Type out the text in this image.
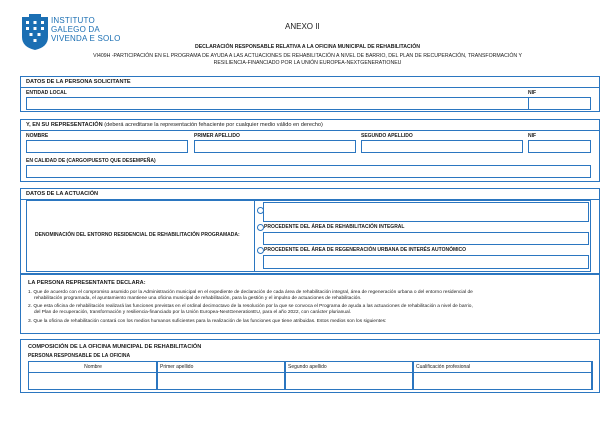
INSTITUTO
GALEGO DA
VIVENDA E SOLO
ANEXO II
DECLARACIÓN RESPONSABLE RELATIVA A LA OFICINA MUNICIPAL DE REHABILITACIÓN
VI409H -PARTICIPACIÓN EN EL PROGRAMA DE AYUDA A LAS ACTUACIONES DE REHABILITACIÓN A NIVEL DE BARRIO, DEL PLAN DE RECUPERACIÓN, TRANSFORMACIÓN Y
RESILIENCIA-FINANCIADO POR LA UNIÓN EUROPEA-NEXTGENERATIONEU
DATOS DE LA PERSONA SOLICITANTE
ENTIDAD LOCAL	NIF
Y, EN SU REPRESENTACIÓN (deberá acreditarse la representación fehaciente por cualquier medio válido en derecho)
NOMBRE	PRIMER APELLIDO	SEGUNDO APELLIDO	NIF
EN CALIDAD DE (CARGO/PUESTO QUE DESEMPEÑA)
DATOS DE LA ACTUACIÓN
DENOMINACIÓN DEL ENTORNO RESIDENCIAL DE REHABILITACIÓN PROGRAMADA:
PROCEDENTE DEL ÁREA DE REHABILITACIÓN INTEGRAL
PROCEDENTE DEL ÁREA DE REGENERACIÓN URBANA DE INTERÉS AUTONÓMICO
LA PERSONA REPRESENTANTE DECLARA:
1. Que de acuerdo con el compromiso asumido por la Administración municipal en el expediente de declaración de cada área de rehabilitación integral, área de regeneración urbana o del entorno residencial de
rehabilitación programada, el ayuntamiento mantiene una oficina municipal de rehabilitación, para la gestión y el impulso de actuaciones de rehabilitación.
2. Que esta oficina de rehabilitación realizará las funciones previstas en el ordinal decimoctavo de la resolución por la que se convoca el Programa de ayuda a las actuaciones de rehabilitación a nivel de barrio,
del Plan de recuperación, transformación y resiliencia-financiado por la Unión Europea-NextGenerationEU, para el año 2022, con carácter plurianual.
3. Que la oficina de rehabilitación contará con los medios humanos suficientes para la realización de las funciones que tiene atribuidas. Estos medios son los siguientes:
COMPOSICIÓN DE LA OFICINA MUNICIPAL DE REHABILITACIÓN
PERSONA RESPONSABLE DE LA OFICINA
Nombre	Primer apellido	Segundo apellido	Cualificación profesional
